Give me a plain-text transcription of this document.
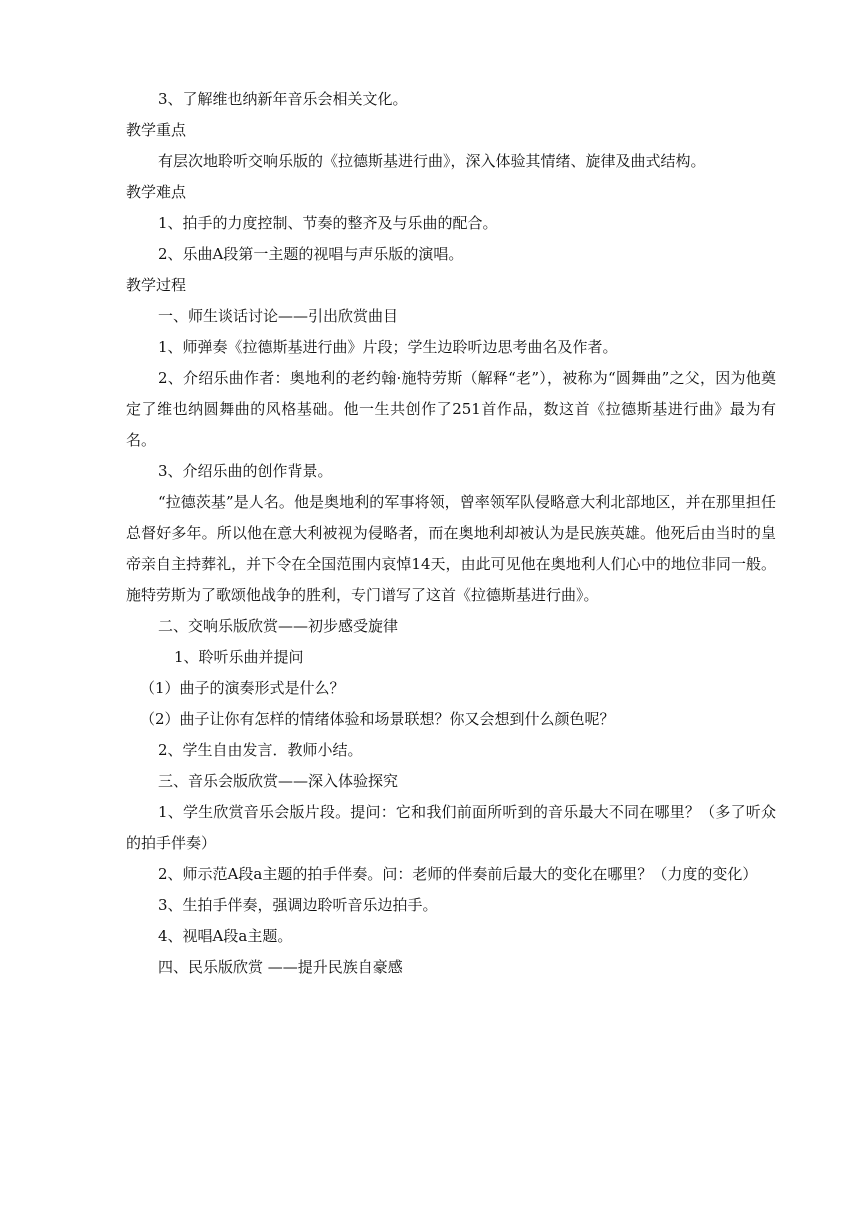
3、了解维也纳新年音乐会相关文化。

教学重点

有层次地聆听交响乐版的《拉德斯基进行曲》，深入体验其情绪、旋律及曲式结构。

教学难点

1、拍手的力度控制、节奏的整齐及与乐曲的配合。

2、乐曲A段第一主题的视唱与声乐版的演唱。

教学过程

一、师生谈话讨论——引出欣赏曲目

1、师弹奏《拉德斯基进行曲》片段；学生边聆听边思考曲名及作者。

2、介绍乐曲作者：奥地利的老约翰·施特劳斯（解释“老”），被称为“圆舞曲”之父，因为他奠定了维也纳圆舞曲的风格基础。他一生共创作了251首作品，数这首《拉德斯基进行曲》最为有名。

3、介绍乐曲的创作背景。

“拉德茨基”是人名。他是奥地利的军事将领，曾率领军队侵略意大利北部地区，并在那里担任总督好多年。所以他在意大利被视为侵略者，而在奥地利却被认为是民族英雄。他死后由当时的皇帝亲自主持葬礼，并下令在全国范围内哀悼14天，由此可见他在奥地利人们心中的地位非同一般。施特劳斯为了歌颂他战争的胜利，专门谱写了这首《拉德斯基进行曲》。

二、交响乐版欣赏——初步感受旋律

1、聆听乐曲并提问

（1）曲子的演奏形式是什么？

（2）曲子让你有怎样的情绪体验和场景联想？你又会想到什么颜色呢？

2、学生自由发言．教师小结。

三、音乐会版欣赏——深入体验探究

1、学生欣赏音乐会版片段。提问：它和我们前面所听到的音乐最大不同在哪里？（多了听众的拍手伴奏）

2、师示范A段a主题的拍手伴奏。问：老师的伴奏前后最大的变化在哪里？（力度的变化）

3、生拍手伴奏，强调边聆听音乐边拍手。

4、视唱A段a主题。

四、民乐版欣赏 ——提升民族自豪感
